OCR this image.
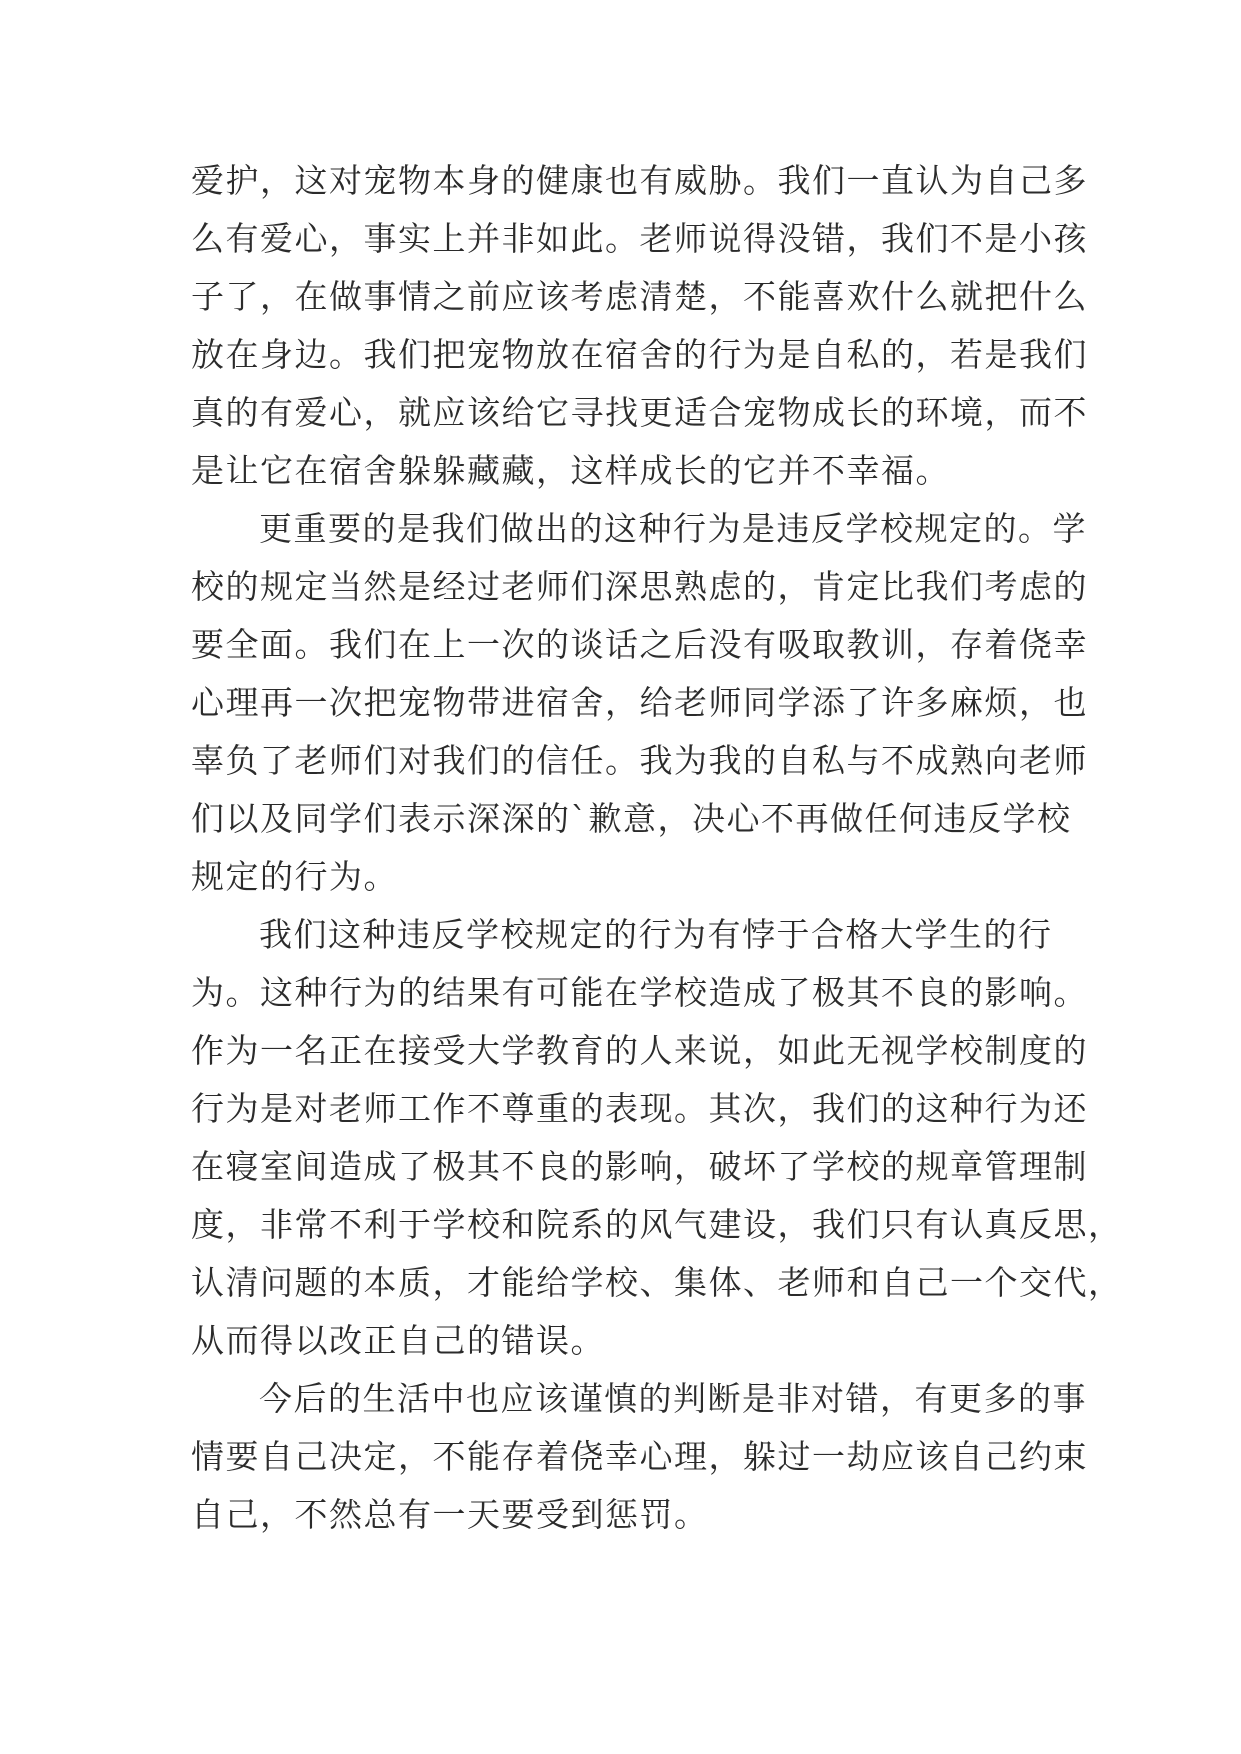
爱护，这对宠物本身的健康也有威胁。我们一直认为自己多
么有爱心，事实上并非如此。老师说得没错，我们不是小孩
子了，在做事情之前应该考虑清楚，不能喜欢什么就把什么
放在身边。我们把宠物放在宿舍的行为是自私的，若是我们
真的有爱心，就应该给它寻找更适合宠物成长的环境，而不
是让它在宿舍躲躲藏藏，这样成长的它并不幸福。
更重要的是我们做出的这种行为是违反学校规定的。学
校的规定当然是经过老师们深思熟虑的，肯定比我们考虑的
要全面。我们在上一次的谈话之后没有吸取教训，存着侥幸
心理再一次把宠物带进宿舍，给老师同学添了许多麻烦，也
辜负了老师们对我们的信任。我为我的自私与不成熟向老师
们以及同学们表示深深的`歉意，决心不再做任何违反学校
规定的行为。
我们这种违反学校规定的行为有悖于合格大学生的行
为。这种行为的结果有可能在学校造成了极其不良的影响。
作为一名正在接受大学教育的人来说，如此无视学校制度的
行为是对老师工作不尊重的表现。其次，我们的这种行为还
在寝室间造成了极其不良的影响，破坏了学校的规章管理制
度，非常不利于学校和院系的风气建设，我们只有认真反思，
认清问题的本质，才能给学校、集体、老师和自己一个交代，
从而得以改正自己的错误。
今后的生活中也应该谨慎的判断是非对错，有更多的事
情要自己决定，不能存着侥幸心理，躲过一劫应该自己约束
自己，不然总有一天要受到惩罚。
